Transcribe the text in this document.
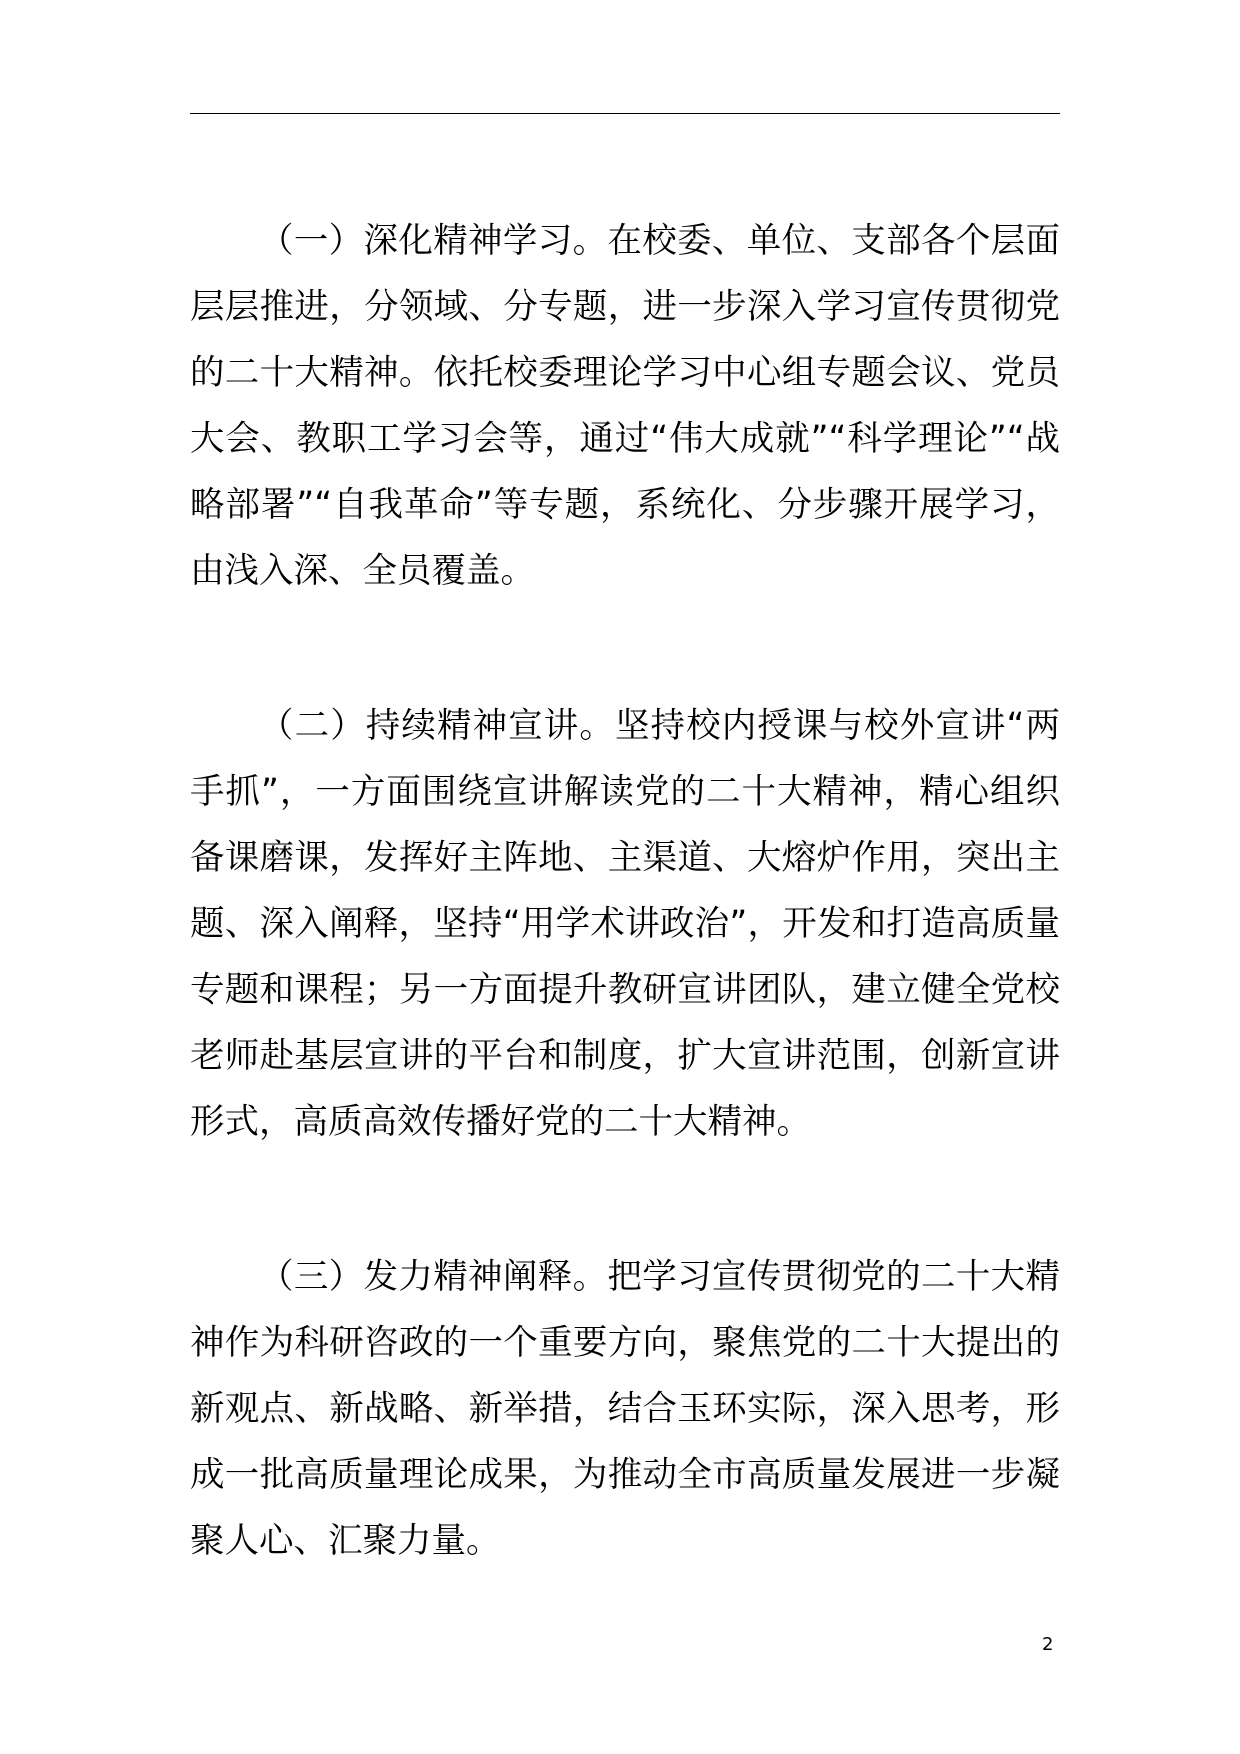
（一）深化精神学习。在校委、单位、支部各个层面层层推进，分领域、分专题，进一步深入学习宣传贯彻党的二十大精神。依托校委理论学习中心组专题会议、党员大会、教职工学习会等，通过“伟大成就”“科学理论”“战略部署”“自我革命”等专题，系统化、分步骤开展学习，由浅入深、全员覆盖。

（二）持续精神宣讲。坚持校内授课与校外宣讲“两手抓”，一方面围绕宣讲解读党的二十大精神，精心组织备课磨课，发挥好主阵地、主渠道、大熔炉作用，突出主题、深入阐释，坚持“用学术讲政治”，开发和打造高质量专题和课程；另一方面提升教研宣讲团队，建立健全党校老师赴基层宣讲的平台和制度，扩大宣讲范围，创新宣讲形式，高质高效传播好党的二十大精神。

（三）发力精神阐释。把学习宣传贯彻党的二十大精神作为科研咨政的一个重要方向，聚焦党的二十大提出的新观点、新战略、新举措，结合玉环实际，深入思考，形成一批高质量理论成果，为推动全市高质量发展进一步凝聚人心、汇聚力量。

2
